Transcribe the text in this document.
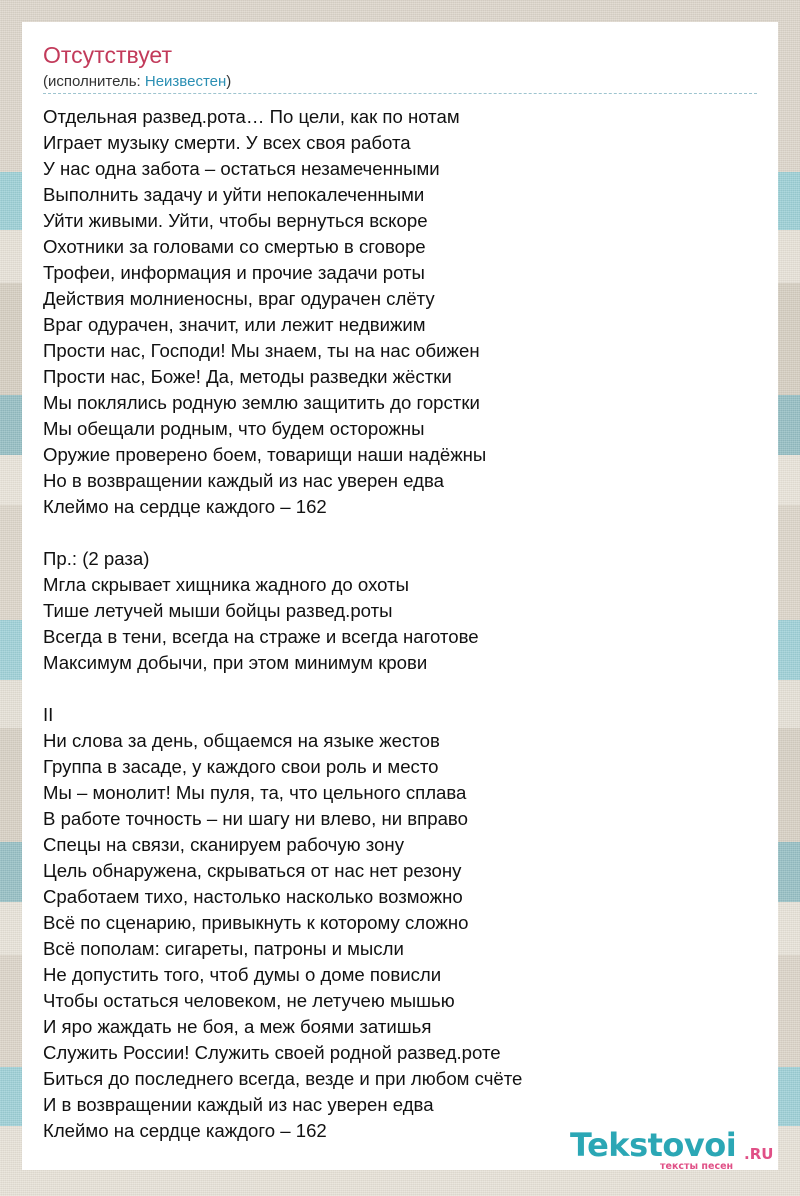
Отсутствует
(исполнитель: Неизвестен)
Отдельная развед.рота… По цели, как по нотам
Играет музыку смерти. У всех своя работа
У нас одна забота – остаться незамеченными
Выполнить задачу и уйти непокалеченными
Уйти живыми. Уйти, чтобы вернуться вскоре
Охотники за головами со смертью в сговоре
Трофеи, информация и прочие задачи роты
Действия молниеносны, враг одурачен слёту
Враг одурачен, значит, или лежит недвижим
Прости нас, Господи! Мы знаем, ты на нас обижен
Прости нас, Боже! Да, методы разведки жёстки
Мы поклялись родную землю защитить до горстки
Мы обещали родным, что будем осторожны
Оружие проверено боем, товарищи наши надёжны
Но в возвращении каждый из нас уверен едва
Клеймо на сердце каждого – 162

Пр.: (2 раза)
Мгла скрывает хищника жадного до охоты
Тише летучей мыши бойцы развед.роты
Всегда в тени, всегда на страже и всегда наготове
Максимум добычи, при этом минимум крови

II
Ни слова за день, общаемся на языке жестов
Группа в засаде, у каждого свои роль и место
Мы – монолит! Мы пуля, та, что цельного сплава
В работе точность – ни шагу ни влево, ни вправо
Спецы на связи, сканируем рабочую зону
Цель обнаружена, скрываться от нас нет резону
Сработаем тихо, настолько насколько возможно
Всё по сценарию, привыкнуть к которому сложно
Всё пополам: сигареты, патроны и мысли
Не допустить того, чтоб думы о доме повисли
Чтобы остаться человеком, не летучею мышью
И яро жаждать не боя, а меж боями затишья
Служить России! Служить своей родной развед.роте
Биться до последнего всегда, везде и при любом счёте
И в возвращении каждый из нас уверен едва
Клеймо на сердце каждого – 162	Tekstovoi .RU
тексты песен
